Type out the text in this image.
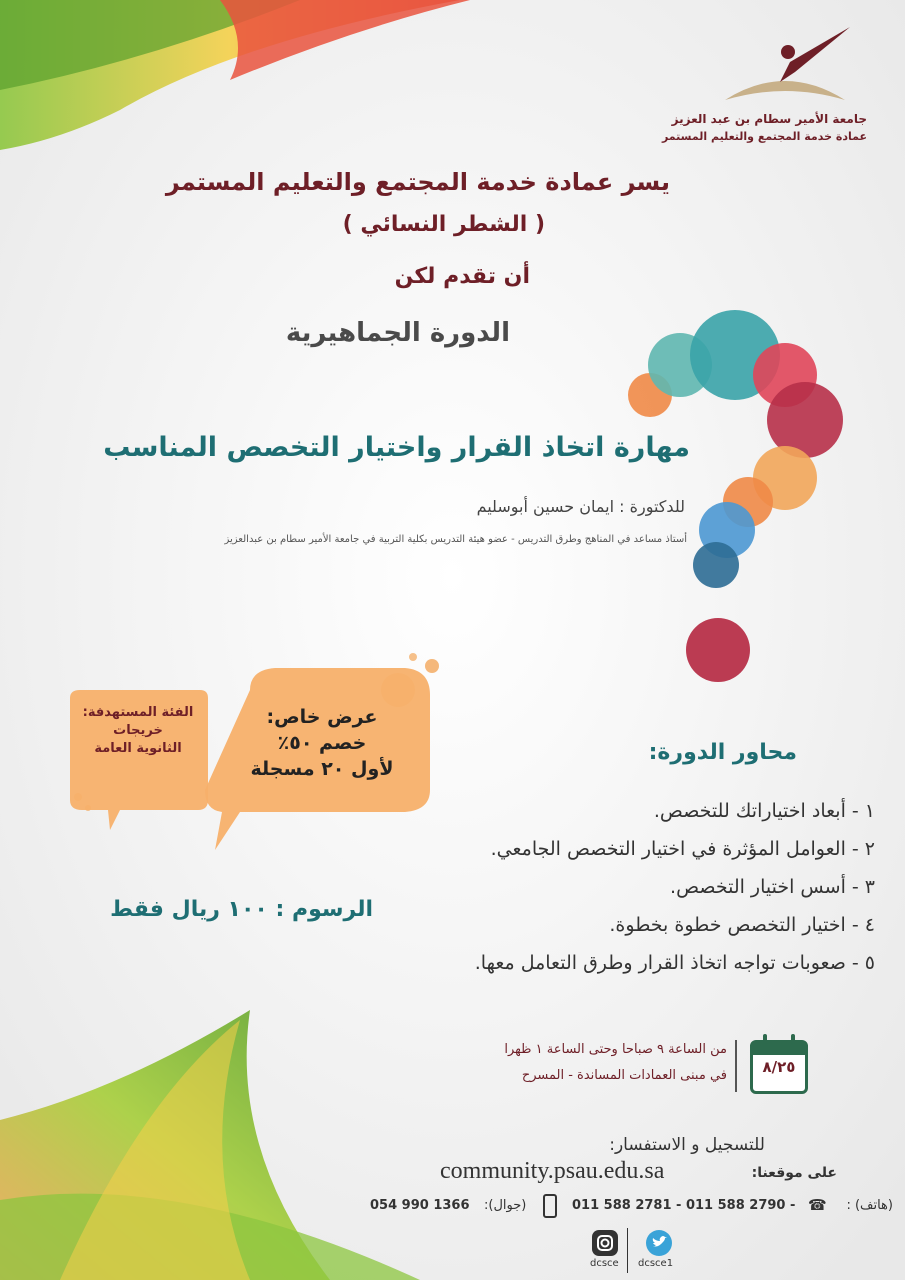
جامعة الأمير سطام بن عبد العزيز
عمادة خدمة المجتمع والتعليم المستمر
يسر عمادة خدمة المجتمع والتعليم المستمر
( الشطر النسائي )
أن تقدم لكن
الدورة الجماهيرية
مهارة اتخاذ القرار واختيار التخصص المناسب
للدكتورة : ايمان حسين أبوسليم
أستاذ مساعد في المناهج وطرق التدريس - عضو هيئة التدريس بكلية التربية في جامعة الأمير سطام بن عبدالعزيز
عرض خاص:
خصم ٥٠٪
لأول ٢٠ مسجلة
الفئة المستهدفة:
خريجات
الثانوية العامة
الرسوم : ١٠٠ ريال فقط
محاور الدورة:
١ - أبعاد اختياراتك للتخصص.
٢ - العوامل المؤثرة في اختيار التخصص الجامعي.
٣ - أسس اختيار التخصص.
٤ - اختيار التخصص خطوة بخطوة.
٥ - صعوبات تواجه اتخاذ القرار وطرق التعامل معها.
٨/٢٥
من الساعة ٩ صباحا وحتى الساعة ١ ظهرا
في مبنى العمادات المساندة - المسرح
للتسجيل و الاستفسار:
على موقعنا:
community.psau.edu.sa
(هاتف) :
☎
011 588 2781 - 011 588 2790 -
(جوال):
054 990 1366
dcsce1
dcsce
